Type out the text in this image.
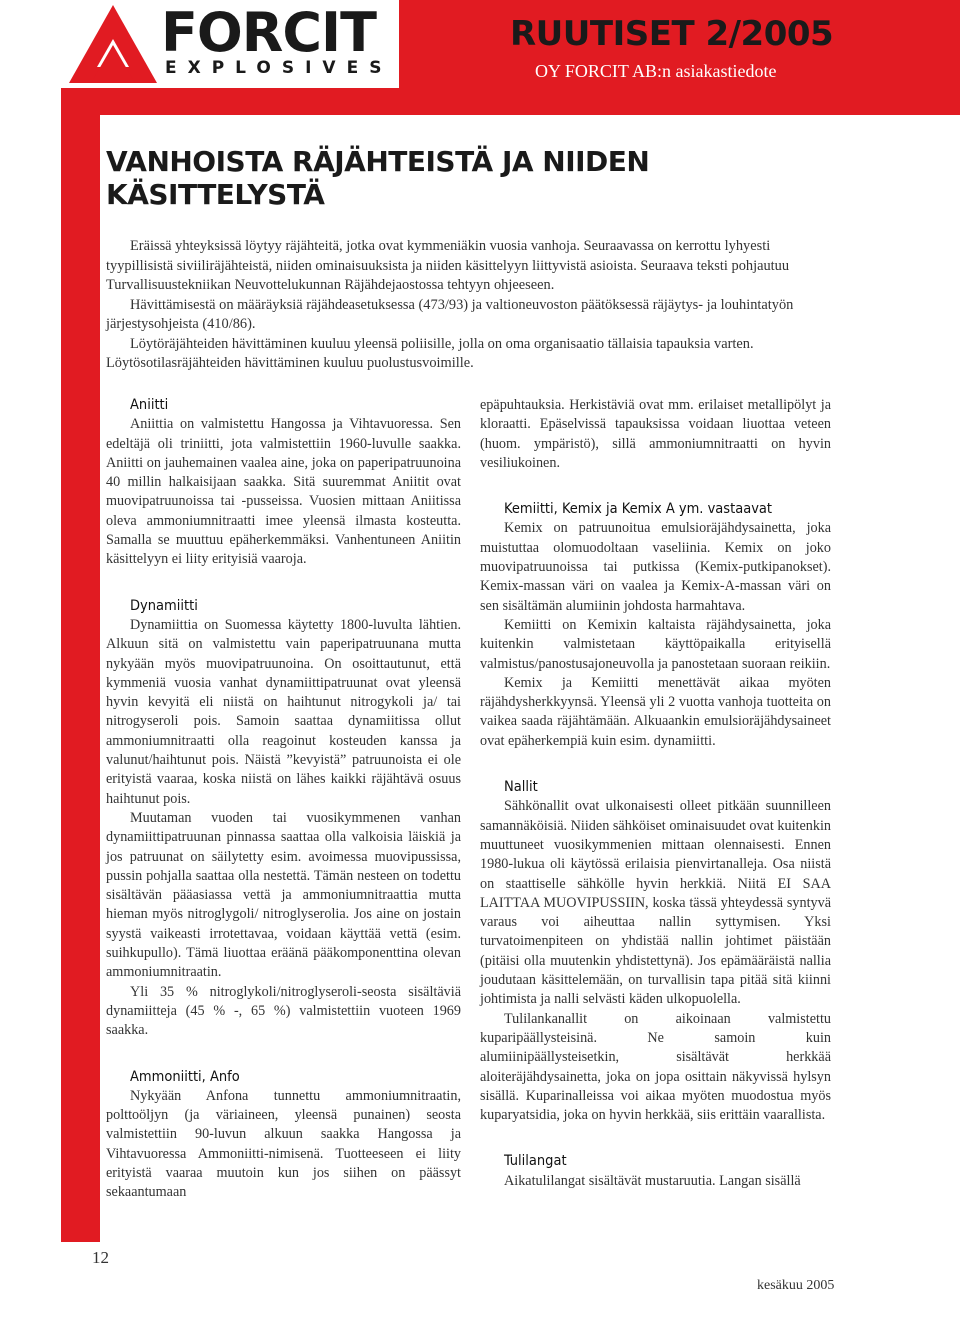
FORCIT
EXPLOSIVES
RUUTISET 2/2005
OY FORCIT AB:n asiakastiedote
VANHOISTA RÄJÄHTEISTÄ JA NIIDEN
KÄSITTELYSTÄ

Eräissä yhteyksissä löytyy räjähteitä, jotka ovat kymmeniäkin vuosia vanhoja. Seuraavassa on kerrottu lyhyesti tyypillisistä siviiliräjähteistä, niiden ominaisuuksista ja niiden käsittelyyn liittyvistä asioista. Seuraava teksti pohjautuu Turvallisuustekniikan Neuvottelukunnan Räjähdejaostossa tehtyyn ohjeeseen.

Hävittämisestä on määräyksiä räjähdeasetuksessa (473/93) ja valtioneuvoston päätöksessä räjäytys- ja louhintatyön järjestysohjeista (410/86).

Löytöräjähteiden hävittäminen kuuluu yleensä poliisille, jolla on oma organisaatio tällaisia tapauksia varten. Löytösotilasräjähteiden hävittäminen kuuluu puolustusvoimille.

Aniitti

Aniittia on valmistettu Hangossa ja Vihtavuoressa. Sen edeltäjä oli triniitti, jota valmistettiin 1960-luvulle saakka. Aniitti on jauhemainen vaalea aine, joka on paperipatruunoina 40 millin halkaisijaan saakka. Sitä suuremmat Aniitit ovat muovipatruunoissa tai -pusseissa. Vuosien mittaan Aniitissa oleva ammoniumnitraatti imee yleensä ilmasta kosteutta. Samalla se muuttuu epäherkemmäksi. Vanhentuneen Aniitin käsittelyyn ei liity erityisiä vaaroja.

Dynamiitti

Dynamiittia on Suomessa käytetty 1800-luvulta lähtien. Alkuun sitä on valmistettu vain paperipatruunana mutta nykyään myös muovipatruunoina. On osoittautunut, että kymmeniä vuosia vanhat dynamiittipatruunat ovat yleensä hyvin kevyitä eli niistä on haihtunut nitrogykoli ja/ tai nitrogyseroli pois. Samoin saattaa dynamiitissa ollut ammoniumnitraatti olla reagoinut kosteuden kanssa ja valunut/haihtunut pois. Näistä ”kevyistä” patruunoista ei ole erityistä vaaraa, koska niistä on lähes kaikki räjähtävä osuus haihtunut pois.

Muutaman vuoden tai vuosikymmenen vanhan dynamiittipatruunan pinnassa saattaa olla valkoisia läiskiä ja jos patruunat on säilytetty esim. avoimessa muovipussissa, pussin pohjalla saattaa olla nestettä. Tämän nesteen on todettu sisältävän pääasiassa vettä ja ammoniumnitraattia mutta hieman myös nitroglygoli/ nitroglyserolia. Jos aine on jostain syystä vaikeasti irrotettavaa, voidaan käyttää vettä (esim. suihkupullo). Tämä liuottaa eräänä pääkomponenttina olevan ammoniumnitraatin.

Yli 35 % nitroglykoli/nitroglyseroli-seosta sisältäviä dynamiitteja (45 % -, 65 %) valmistettiin vuoteen 1969 saakka.

Ammoniitti, Anfo

Nykyään Anfona tunnettu ammoniumnitraatin, polttoöljyn (ja väriaineen, yleensä punainen) seosta valmistettiin 90-luvun alkuun saakka Hangossa ja Vihtavuoressa Ammoniitti-nimisenä. Tuotteeseen ei liity erityistä vaaraa muutoin kun jos siihen on päässyt sekaantumaan

epäpuhtauksia. Herkistäviä ovat mm. erilaiset metallipölyt ja kloraatti. Epäselvissä tapauksissa voidaan liuottaa veteen (huom. ympäristö), sillä ammoniumnitraatti on hyvin vesiliukoinen.

Kemiitti, Kemix ja Kemix A ym. vastaavat

Kemix on patruunoitua emulsioräjähdysainetta, joka muistuttaa olomuodoltaan vaseliinia. Kemix on joko muovipatruunoissa tai putkissa (Kemix-putkipanokset). Kemix-massan väri on vaalea ja Kemix-A-massan väri on sen sisältämän alumiinin johdosta harmahtava.

Kemiitti on Kemixin kaltaista räjähdysainetta, joka kuitenkin valmistetaan käyttöpaikalla erityisellä valmistus/panostusajoneuvolla ja panostetaan suoraan reikiin.

Kemix ja Kemiitti menettävät aikaa myöten räjähdysherkkyynsä. Yleensä yli 2 vuotta vanhoja tuotteita on vaikea saada räjähtämään. Alkuaankin emulsioräjähdysaineet ovat epäherkempiä kuin esim. dynamiitti.

Nallit

Sähkönallit ovat ulkonaisesti olleet pitkään suunnilleen samannäköisiä. Niiden sähköiset ominaisuudet ovat kuitenkin muuttuneet vuosikymmenien mittaan olennaisesti. Ennen 1980-lukua oli käytössä erilaisia pienvirtanalleja. Osa niistä on staattiselle sähkölle hyvin herkkiä. Niitä EI SAA LAITTAA MUOVIPUSSIIN, koska tässä yhteydessä syntyvä varaus voi aiheuttaa nallin syttymisen. Yksi turvatoimenpiteen on yhdistää nallin johtimet päistään (pitäisi olla muutenkin yhdistettynä). Jos epämääräistä nallia joudutaan käsittelemään, on turvallisin tapa pitää sitä kiinni johtimista ja nalli selvästi käden ulkopuolella.

Tulilankanallit on aikoinaan valmistettu kuparipäällysteisinä. Ne samoin kuin alumiinipäällysteisetkin, sisältävät herkkää aloiteräjähdysainetta, joka on jopa osittain näkyvissä hylsyn sisällä. Kuparinalleissa voi aikaa myöten muodostua myös kuparyatsidia, joka on hyvin herkkää, siis erittäin vaarallista.

Tulilangat

Aikatulilangat sisältävät mustaruutia. Langan sisällä

12
kesäkuu 2005
